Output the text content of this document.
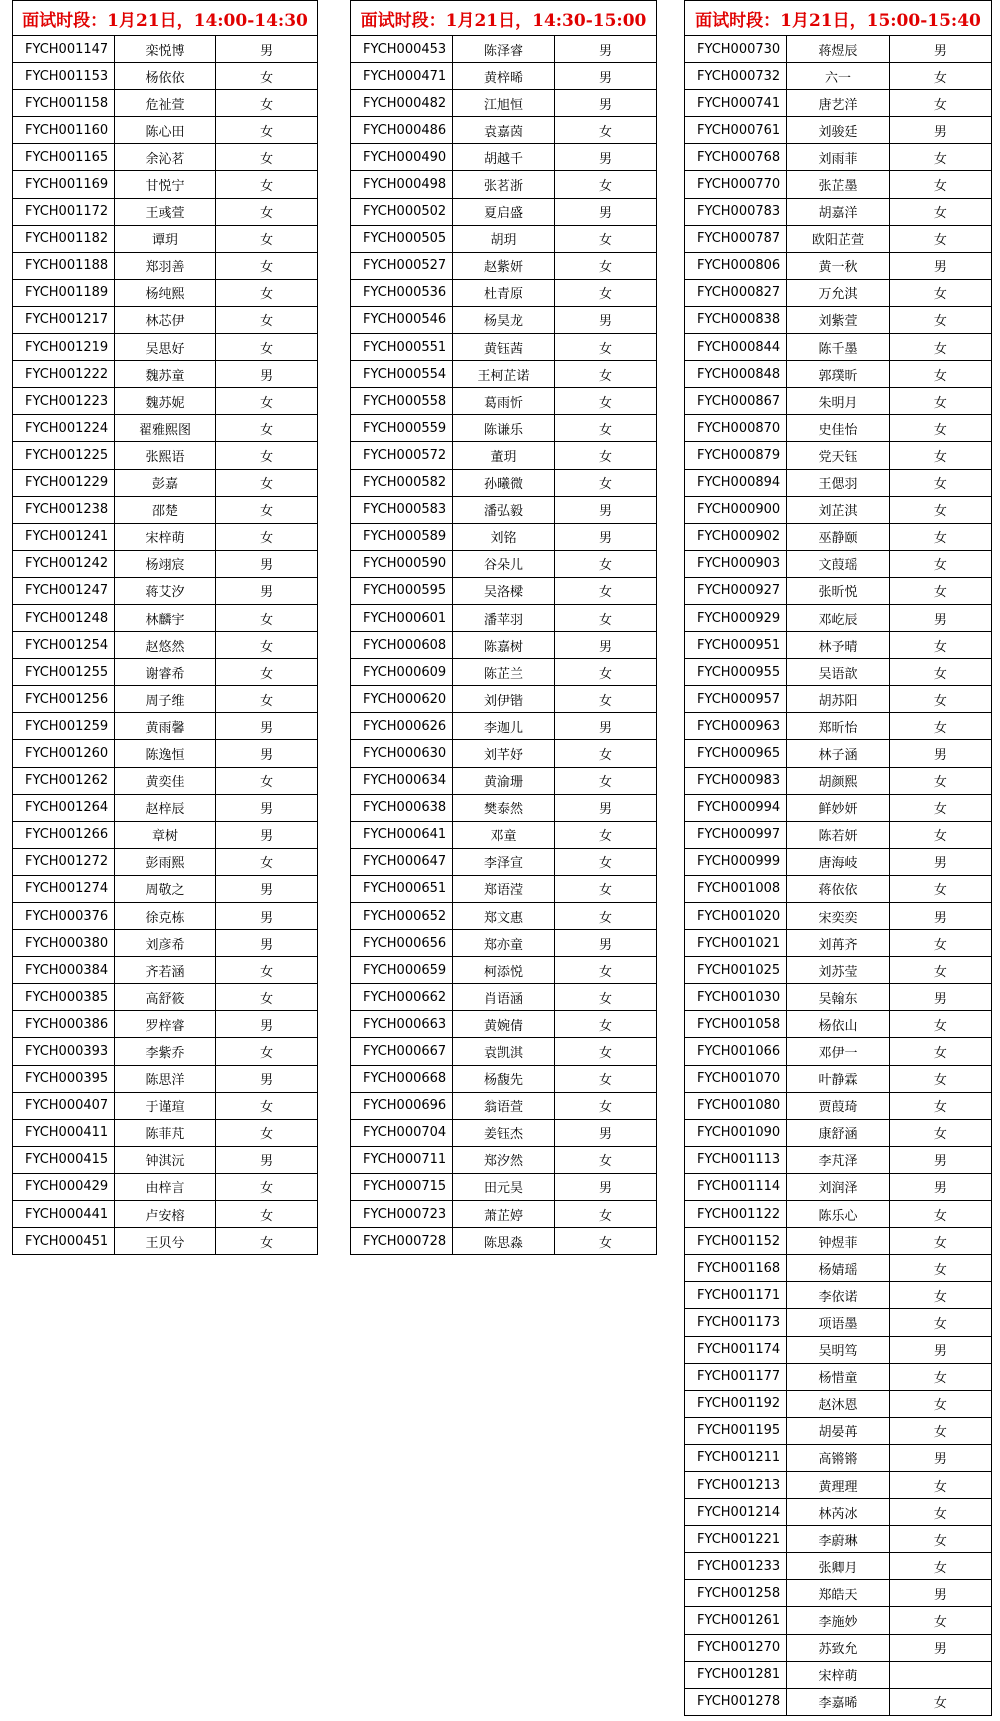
面试时段：1月21日，14:00-14:30		
FYCH001147	栾悦博	男
FYCH001153	杨依依	女
FYCH001158	危祉萱	女
FYCH001160	陈心田	女
FYCH001165	余沁茗	女
FYCH001169	甘悦宁	女
FYCH001172	王彧萱	女
FYCH001182	谭玥	女
FYCH001188	郑羽善	女
FYCH001189	杨纯熙	女
FYCH001217	林芯伊	女
FYCH001219	吴思好	女
FYCH001222	魏苏童	男
FYCH001223	魏苏妮	女
FYCH001224	翟雅熙图	女
FYCH001225	张熙语	女
FYCH001229	彭嘉	女
FYCH001238	邵楚	女
FYCH001241	宋梓萌	女
FYCH001242	杨翊宸	男
FYCH001247	蒋艾汐	男
FYCH001248	林麟宇	女
FYCH001254	赵悠然	女
FYCH001255	谢睿希	女
FYCH001256	周子维	女
FYCH001259	黄雨馨	男
FYCH001260	陈逸恒	男
FYCH001262	黄奕佳	女
FYCH001264	赵梓辰	男
FYCH001266	章树	男
FYCH001272	彭雨熙	女
FYCH001274	周敬之	男
FYCH000376	徐克栋	男
FYCH000380	刘彦希	男
FYCH000384	齐若涵	女
FYCH000385	高舒筱	女
FYCH000386	罗梓睿	男
FYCH000393	李紫乔	女
FYCH000395	陈思洋	男
FYCH000407	于谨瑄	女
FYCH000411	陈菲芃	女
FYCH000415	钟淇沅	男
FYCH000429	由梓言	女
FYCH000441	卢安榕	女
FYCH000451	王贝兮	女
面试时段：1月21日，14:30-15:00		
FYCH000453	陈泽睿	男
FYCH000471	黄梓晞	男
FYCH000482	江旭恒	男
FYCH000486	袁嘉茵	女
FYCH000490	胡越千	男
FYCH000498	张茗浙	女
FYCH000502	夏启盛	男
FYCH000505	胡玥	女
FYCH000527	赵紫妍	女
FYCH000536	杜青原	女
FYCH000546	杨昊龙	男
FYCH000551	黄钰茜	女
FYCH000554	王柯芷诺	女
FYCH000558	葛雨忻	女
FYCH000559	陈谦乐	女
FYCH000572	董玥	女
FYCH000582	孙曦微	女
FYCH000583	潘弘毅	男
FYCH000589	刘铭	男
FYCH000590	谷朵儿	女
FYCH000595	吴洛樑	女
FYCH000601	潘苹羽	女
FYCH000608	陈嘉树	男
FYCH000609	陈芷兰	女
FYCH000620	刘伊锴	女
FYCH000626	李迦儿	男
FYCH000630	刘芊妤	女
FYCH000634	黄渝珊	女
FYCH000638	樊泰然	男
FYCH000641	邓童	女
FYCH000647	李泽宣	女
FYCH000651	郑语滢	女
FYCH000652	郑文惠	女
FYCH000656	郑亦童	男
FYCH000659	柯添悦	女
FYCH000662	肖语涵	女
FYCH000663	黄婉倩	女
FYCH000667	袁凯淇	女
FYCH000668	杨馥先	女
FYCH000696	翁语萱	女
FYCH000704	姜钰杰	男
FYCH000711	郑汐然	女
FYCH000715	田元昊	男
FYCH000723	萧芷婷	女
FYCH000728	陈思淼	女
面试时段：1月21日，15:00-15:40		
FYCH000730	蒋煜辰	男
FYCH000732	六一	女
FYCH000741	唐艺洋	女
FYCH000761	刘骏廷	男
FYCH000768	刘雨菲	女
FYCH000770	张芷墨	女
FYCH000783	胡嘉洋	女
FYCH000787	欧阳芷萱	女
FYCH000806	黄一秋	男
FYCH000827	万允淇	女
FYCH000838	刘紫萱	女
FYCH000844	陈千墨	女
FYCH000848	郭璞昕	女
FYCH000867	朱明月	女
FYCH000870	史佳怡	女
FYCH000879	党天钰	女
FYCH000894	王偲羽	女
FYCH000900	刘芷淇	女
FYCH000902	巫静颐	女
FYCH000903	文葭瑶	女
FYCH000927	张昕悦	女
FYCH000929	邓屹辰	男
FYCH000951	林予晴	女
FYCH000955	吴语歆	女
FYCH000957	胡苏阳	女
FYCH000963	郑昕怡	女
FYCH000965	林子涵	男
FYCH000983	胡颜熙	女
FYCH000994	鲜妙妍	女
FYCH000997	陈若妍	女
FYCH000999	唐海岐	男
FYCH001008	蒋依依	女
FYCH001020	宋奕奕	男
FYCH001021	刘苒齐	女
FYCH001025	刘苏莹	女
FYCH001030	吴翰东	男
FYCH001058	杨依山	女
FYCH001066	邓伊一	女
FYCH001070	叶静霖	女
FYCH001080	贾葭琦	女
FYCH001090	康舒涵	女
FYCH001113	李芃泽	男
FYCH001114	刘润泽	男
FYCH001122	陈乐心	女
FYCH001152	钟煜菲	女
FYCH001168	杨婧瑶	女
FYCH001171	李依诺	女
FYCH001173	项语墨	女
FYCH001174	吴明笃	男
FYCH001177	杨惜童	女
FYCH001192	赵沐恩	女
FYCH001195	胡晏苒	女
FYCH001211	高锵锵	男
FYCH001213	黄理理	女
FYCH001214	林芮冰	女
FYCH001221	李蔚琳	女
FYCH001233	张卿月	女
FYCH001258	郑皓天	男
FYCH001261	李施妙	女
FYCH001270	苏致允	男
FYCH001281	宋梓萌	
FYCH001278	李嘉晞	女
